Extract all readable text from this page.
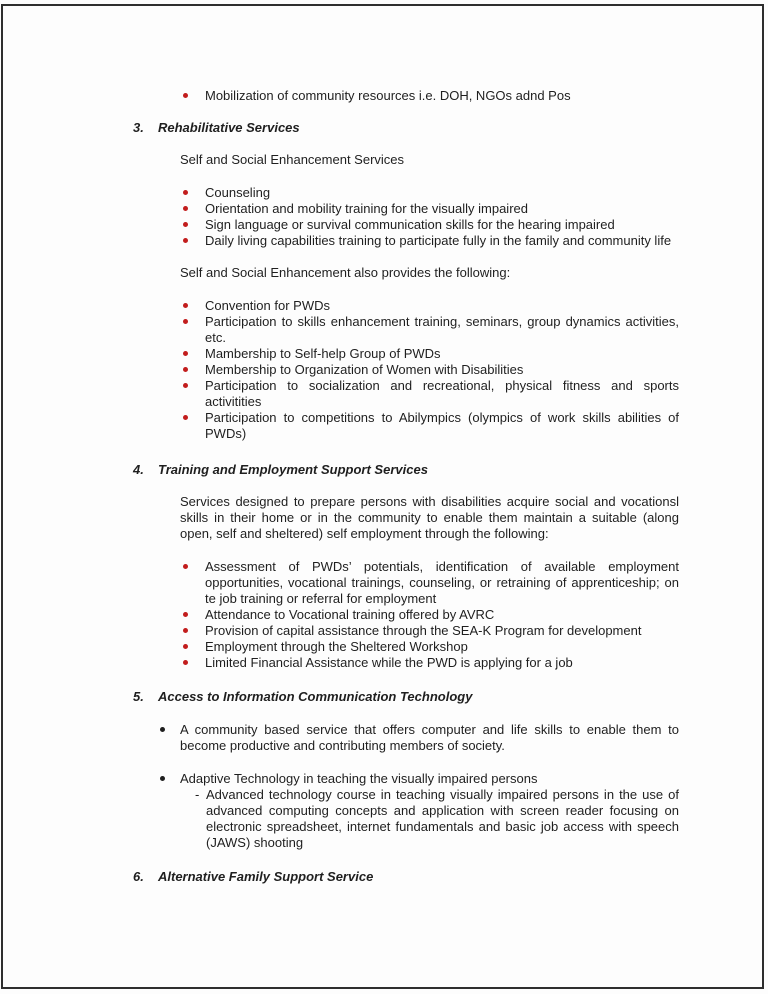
Mobilization of community resources i.e. DOH, NGOs adnd Pos
3.	Rehabilitative Services
Self and Social Enhancement Services
Counseling
Orientation and mobility training for the visually impaired
Sign language or survival communication skills for the hearing impaired
Daily living capabilities training to participate fully in the family and community life
Self and Social Enhancement also provides the following:
Convention for PWDs
Participation to skills enhancement training, seminars, group dynamics activities, etc.
Mambership to Self-help Group of PWDs
Membership to Organization of Women with Disabilities
Participation to socialization and recreational, physical fitness and sports activitities
Participation to competitions to Abilympics (olympics of work skills abilities of PWDs)
4.	Training and Employment Support Services
Services designed to prepare persons with disabilities acquire social and vocationsl skills in their home or in the community to enable them maintain a suitable (along open, self and sheltered) self employment through the following:
Assessment of PWDs’ potentials, identification of available employment opportunities, vocational trainings, counseling, or retraining of apprenticeship; on te job training or referral for employment
Attendance to Vocational training offered by AVRC
Provision of capital assistance through the SEA-K Program for development
Employment through the Sheltered Workshop
Limited Financial Assistance while the PWD is applying for a job
5.	Access to Information Communication Technology
A community based service that offers computer and life skills to enable them to become productive and contributing members of society.
Adaptive Technology in teaching the visually impaired persons
- Advanced technology course in teaching visually impaired persons in the use of advanced computing concepts and application with screen reader focusing on electronic spreadsheet, internet fundamentals and basic job access with speech (JAWS) shooting
6.	Alternative Family Support Service
